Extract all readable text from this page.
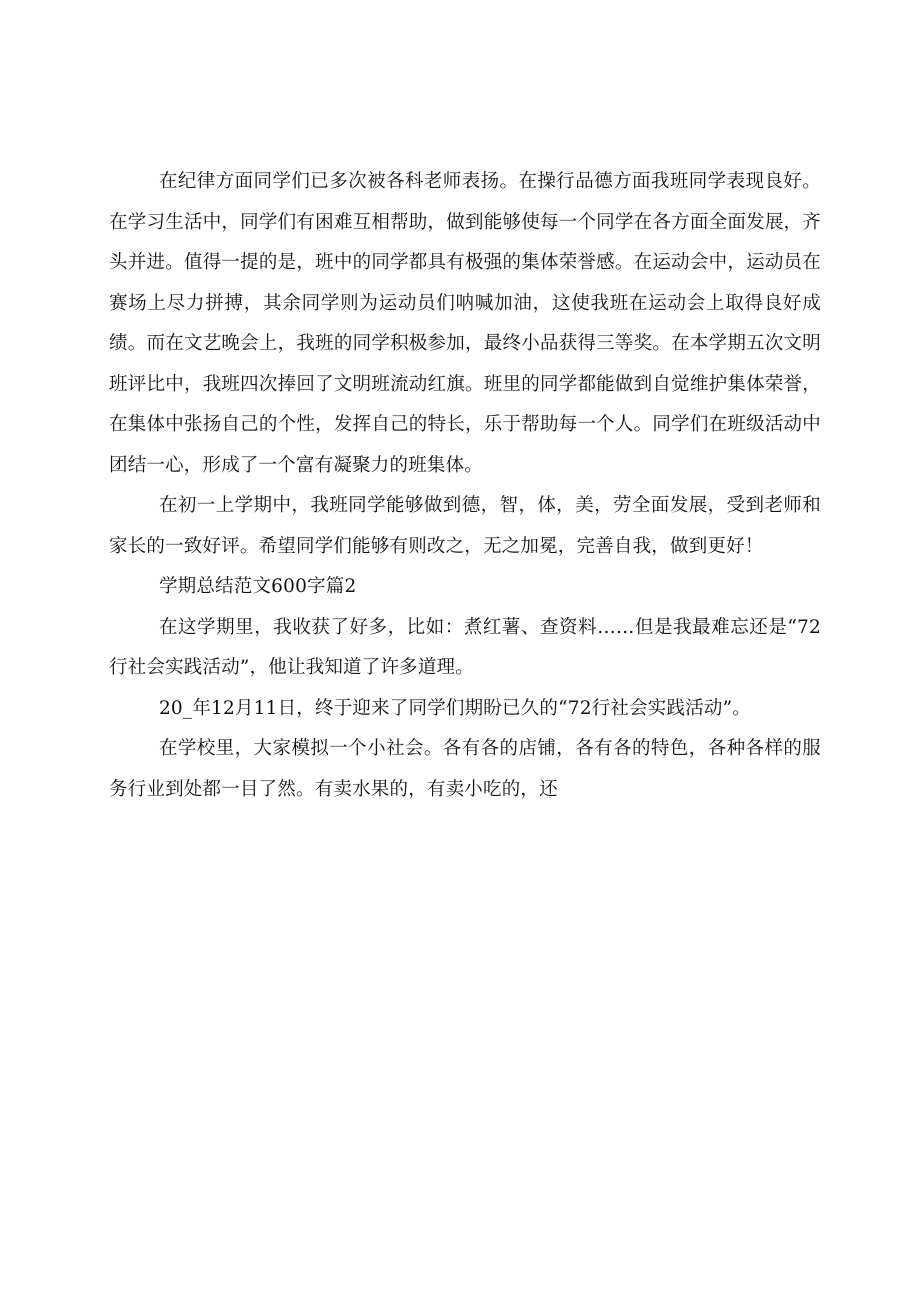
在纪律方面同学们已多次被各科老师表扬。在操行品德方面我班同学表现良好。在学习生活中，同学们有困难互相帮助，做到能够使每一个同学在各方面全面发展，齐头并进。值得一提的是，班中的同学都具有极强的集体荣誉感。在运动会中，运动员在赛场上尽力拼搏，其余同学则为运动员们呐喊加油，这使我班在运动会上取得良好成绩。而在文艺晚会上，我班的同学积极参加，最终小品获得三等奖。在本学期五次文明班评比中，我班四次捧回了文明班流动红旗。班里的同学都能做到自觉维护集体荣誉，在集体中张扬自己的个性，发挥自己的特长，乐于帮助每一个人。同学们在班级活动中团结一心，形成了一个富有凝聚力的班集体。

在初一上学期中，我班同学能够做到德，智，体，美，劳全面发展，受到老师和家长的一致好评。希望同学们能够有则改之，无之加冕，完善自我，做到更好！

学期总结范文600字篇2

在这学期里，我收获了好多，比如：煮红薯、查资料……但是我最难忘还是“72行社会实践活动”，他让我知道了许多道理。

20_年12月11日，终于迎来了同学们期盼已久的“72行社会实践活动”。

在学校里，大家模拟一个小社会。各有各的店铺，各有各的特色，各种各样的服务行业到处都一目了然。有卖水果的，有卖小吃的，还
